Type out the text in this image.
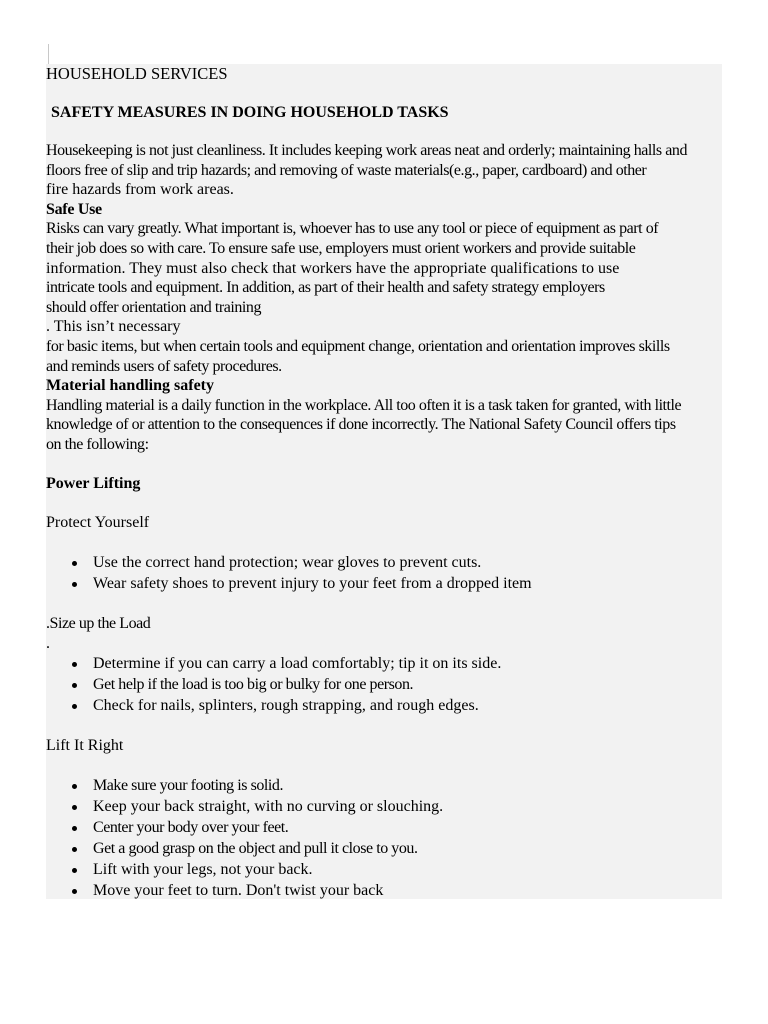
HOUSEHOLD SERVICES

SAFETY MEASURES IN DOING HOUSEHOLD TASKS

Housekeeping is not just cleanliness. It includes keeping work areas neat and orderly; maintaining halls and

floors free of slip and trip hazards; and removing of waste materials(e.g., paper, cardboard) and other

fire hazards from work areas.

Safe Use

Risks can vary greatly. What important is, whoever has to use any tool or piece of equipment as part of

their job does so with care. To ensure safe use, employers must orient workers and provide suitable

information. They must also check that workers have the appropriate qualifications to use

intricate tools and equipment. In addition, as part of their health and safety strategy employers

should offer orientation and training

. This isn’t necessary

for basic items, but when certain tools and equipment change, orientation and orientation improves skills

and reminds users of safety procedures.

Material handling safety

Handling material is a daily function in the workplace. All too often it is a task taken for granted, with little

knowledge of or attention to the consequences if done incorrectly. The National Safety Council offers tips

on the following:

Power Lifting

Protect Yourself

Use the correct hand protection; wear gloves to prevent cuts.
Wear safety shoes to prevent injury to your feet from a dropped item

.Size up the Load

.

Determine if you can carry a load comfortably; tip it on its side.
Get help if the load is too big or bulky for one person.
Check for nails, splinters, rough strapping, and rough edges.

Lift It Right

Make sure your footing is solid.
Keep your back straight, with no curving or slouching.
Center your body over your feet.
Get a good grasp on the object and pull it close to you.
Lift with your legs, not your back.
Move your feet to turn. Don't twist your back
